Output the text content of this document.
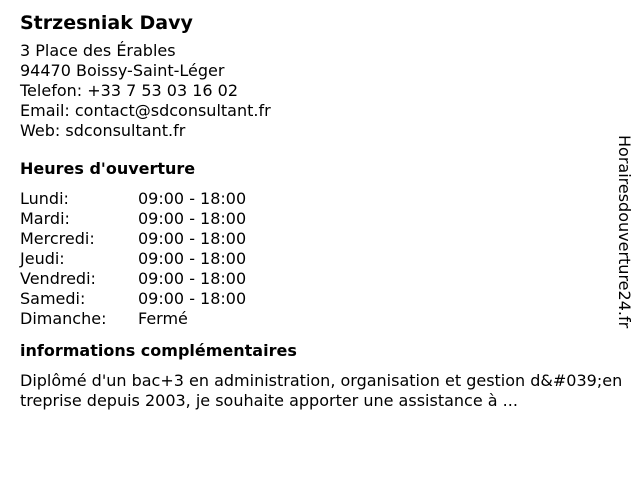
Strzesniak Davy
3 Place des Érables
94470 Boissy-Saint-Léger
Telefon: +33 7 53 03 16 02
Email: contact@sdconsultant.fr
Web: sdconsultant.fr
Heures d'ouverture
Lundi:	09:00 - 18:00
Mardi:	09:00 - 18:00
Mercredi:	09:00 - 18:00
Jeudi:	09:00 - 18:00
Vendredi:	09:00 - 18:00
Samedi:	09:00 - 18:00
Dimanche:	Fermé
informations complémentaires
Diplômé d'un bac+3 en administration, organisation et gestion d&#039;entreprise depuis 2003, je souhaite apporter une assistance à ...
Horairesdouverture24.fr
